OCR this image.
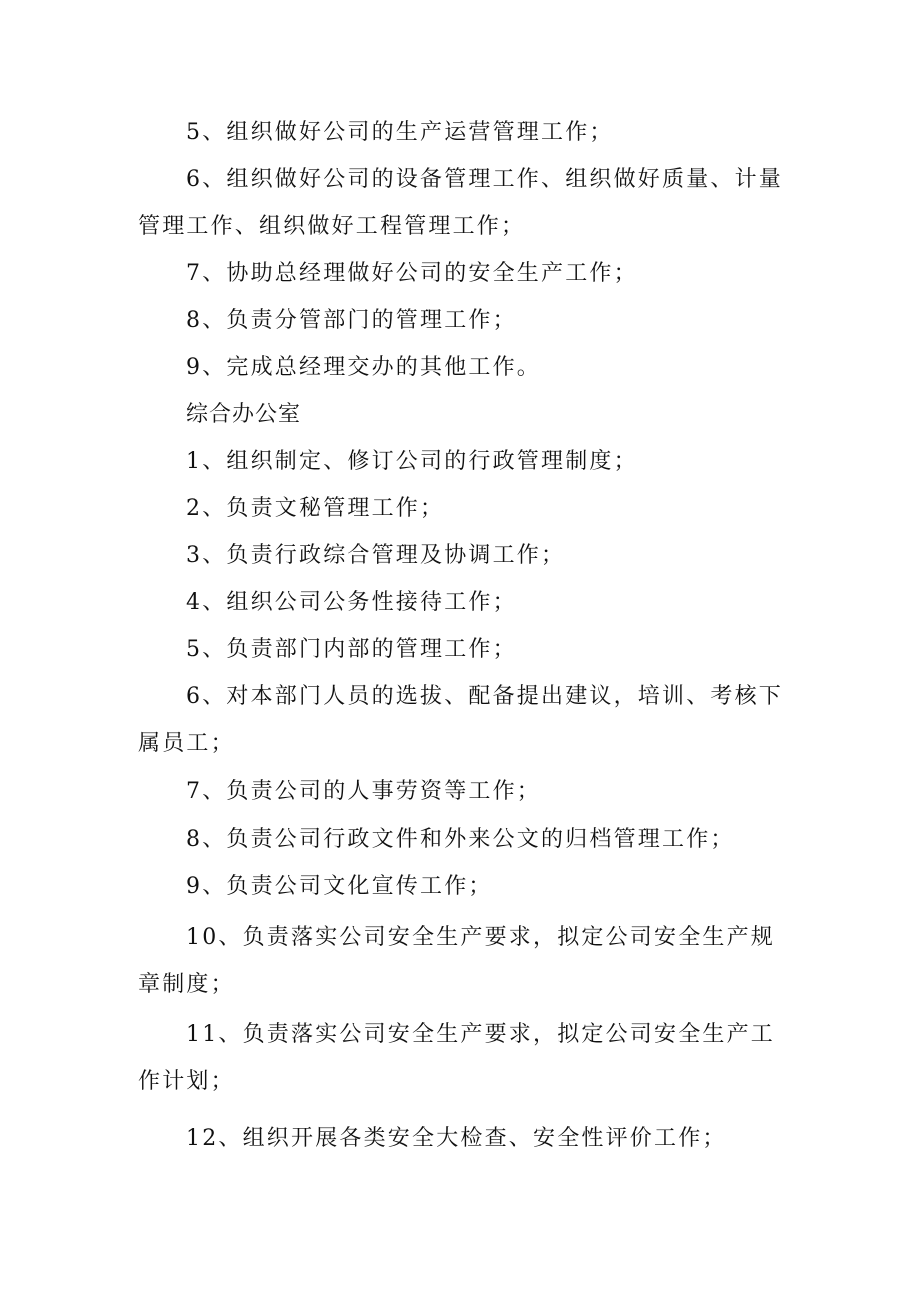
5、组织做好公司的生产运营管理工作；
6、组织做好公司的设备管理工作、组织做好质量、计量管理工作、组织做好工程管理工作；
7、协助总经理做好公司的安全生产工作；
8、负责分管部门的管理工作；
9、完成总经理交办的其他工作。
综合办公室
1、组织制定、修订公司的行政管理制度；
2、负责文秘管理工作；
3、负责行政综合管理及协调工作；
4、组织公司公务性接待工作；
5、负责部门内部的管理工作；
6、对本部门人员的选拔、配备提出建议，培训、考核下属员工；
7、负责公司的人事劳资等工作；
8、负责公司行政文件和外来公文的归档管理工作；
9、负责公司文化宣传工作；
10、负责落实公司安全生产要求，拟定公司安全生产规章制度；
11、负责落实公司安全生产要求，拟定公司安全生产工作计划；
12、组织开展各类安全大检查、安全性评价工作；
